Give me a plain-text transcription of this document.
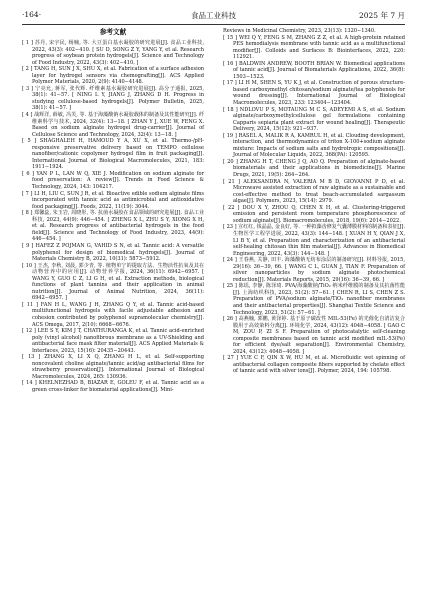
·164·	食品工业科技	2025 年 7 月
参考文献

[ 1 ] 苏丹, 宋宇民, 杨楠, 等. 大豆蛋白基水凝胶的研究进展[J]. 食品工业科技, 2022, 43(3): 402−410. [ SU D, SONG Z Y, YANG Y, et al. Research progress of soybean protein hydrogels[J]. Science and Technology of Food Industry, 2022, 43(3): 402−410. ]

[ 2 ] TANG H, SUN J X, SHU X, et al. Fabrication of a surface adhesion layer for hydrogel sensors via chemografting[J]. ACS Applied Polymer Materials, 2020, 2(9): 4140−4148.

[ 3 ] 宁亮允, 蒋军, 张代辉. 纤维素基水凝胶研究进展[J]. 高分子通报, 2025, 38(1): 41−57. [ NING L Y, JIANG J, ZHANG D H. Progress in studying cellulose-based hydrogels[J]. Polymer Bulletin, 2025, 38(1): 41−57. ]

[ 4 ] 战辉洋, 薛敏, 冯芙, 等. 基于海藻酸钠水凝胶载体的制备及其性能研究[J]. 纤维素科学与技术, 2024, 32(4): 13−18. [ ZHAN Y J, XUE W, FENG X. Based on sodium alginate hydrogel drug-carrier[J]. Journal of Cellulose Science and Technology, 2024, 32(4): 13−18. ]

[ 5 ] SHAGHALEH H, HAMOUD Y A, XU X, et al. Thermo-/pH-responsive preservative delivery based on TEMPO cellulose nanofiber/cationic copolymer hydrogel film in fruit packaging[J]. International Journal of Biological Macromolecules, 2021, 183: 1911−1924.

[ 6 ] YAN P L, LAN W Q, XIE J. Modification on sodium alginate for food preservation: A review[J]. Trends in Food Science & Technology, 2024, 143: 104217.

[ 7 ] LI H, LIU C, SUN J R, et al. Bioactive edible sodium alginate films incorporated with tannic acid as antimicrobial and antioxidative food packaging[J]. Foods, 2022, 11(19): 3044.

[ 8 ] 郑馨蕊, 朱玉岩, 周晓彤, 等. 抗菌水凝胶在食品领域的研究进展[J]. 食品工业科技, 2023, 44(9): 446−454. [ ZHENG X L, ZHU S Y, XIONG X H, et al. Research progress of antibacterial hydrogels in the food field[J]. Science and Technology of Food Industry, 2023, 44(9): 446−454. ]

[ 9 ] HAFEZ Z POJMAN G, VAHID S N, et al. Tannic acid: A versatile polyphenol for design of biomedical hydrogels[J]. Journal of Materials Chemistry B, 2022, 10(31): 5873−5912.

[ 10 ] 王杰, 李秋, 刘晨, 郭少青, 等. 植物单宁的提取方法、生物活性抗氧及其在动物营养中的应用[J]. 动物营养学报, 2024, 36(11): 6942−6957. [ WANG Y, GUO C Z, LI G H, et al. Extraction methods, biological functions of plant tannins and their application in animal nutrition[J]. Journal of Animal Nutrition, 2024, 36(11): 6942−6957. ]

[ 11 ] FAN H L, WANG J H, ZHANG Q Y, et al. Tannic acid-based multifunctional hydrogels with facile adjustable adhesion and cohesion contributed by polyphenol supramolecular chemistry[J]. ACS Omega, 2017, 2(10): 6668−6676.

[ 12 ] LEE S Y, KIM J T, CHATHURANGA K, et al. Tannic acid-enriched poly (vinyl alcohol) nanofibrous membrane as a UV-Shielding and antibacterial face mask filter material[J]. ACS Applied Materials & Interfaces, 2023, 15(16): 20435−20443.

[ 13 ] ZHANG X, LI X Q, ZHANG H L, et al. Self-supporting noncovalent choline alginate/tannic acid/ag antibacterial films for strawberry preservation[J]. International Journal of Biological Macromolecules, 2024, 265: 130936.

[ 14 ] KHELNEZHAD B, BIAZAR E, GOLEU F, et al. Tannic acid as a green cross-linker for biomaterial applications[J]. Mini-

Reviews in Medicinal Chemistry, 2023, 23(13): 1320−1340.

[ 15 ] WEI Q Y, FENG S M, ZHANG Z Z, et al. A high-protein retained PES hemodialysis membrane with tannic acid as a multifunctional modifier[J]. Colloids and Surfaces B: Biointerfaces, 2022, 220: 112921.

[ 16 ] BALDWIN ANDREW, BOOTH BRIAN W. Biomedical applications of tannic acid[J]. Journal of Biomaterials Applications, 2022, 36(8): 1503−1523.

[ 17 ] LI H M, SHEN S, YU K J, et al. Construction of porous structure-based carboxymethyl chitosan/sodium alginate/tea polyphenols for wound dressing[J]. International Journal of Biological Macromolecules, 2023, 233: 123404−123404.

[ 18 ] NDLOVU P S, MOTAUNG M C S, ADEYEMI A S, et al. Sodium alginate/carboxymethylcellulose gel formulations containing Capparis sepiaria plant extract for wound healing[J]. Therapeutic Delivery, 2024, 15(12): 921−937.

[ 19 ] RASEL A, MALIK R A, KAMRUL H, et al. Clouding development, interaction, and thermodynamics of triton X-100+sodium alginate mixture: Impacts of sodium salts and hydrotropic compositions[J]. Journal of Molecular Liquids, 2022, 368(PA): 120595.

[ 20 ] ZHANG H T, CHENG J Q, AO Q. Preparation of alginate-based biomaterials and their applications in biomedicine[J]. Marine Drugs, 2021, 19(5): 264−264.

[ 21 ] ALEKSANDRA N, VALERIA M B D, GIOVANNI P D, et al. Microwave assisted extraction of raw alginate as a sustainable and cost-effective method to treat beach-accumulated sargassum algae[J]. Polymers, 2023, 15(14): 2979.

[ 22 ] DOU X Y, ZHOU Q, CHEN X H, et al. Clustering-triggered emission and persistent room temperature phosphorescence of sodium alginate[J]. Biomacromolecules, 2018, 19(6): 2014−2022.

[ 23 ] 宣红红, 钱晶晶, 金良好, 等. 一种拟藻齿修复气囊薄膜材料的制备和表征[J]. 生物医学工程学进展, 2022, 43(3): 144−148. [ XUAN H Y, QIAN J X, LI B Y, et al. Preparation and characterization of an antibacterial self-healing chitosan thin film material[J]. Advances in Biomedical Engineering, 2022, 43(3): 144−148. ]

[ 24 ] 王春燕, 关静, 田丰. 海藻酸钠无纺布涂层的制备研究[J]. 材料导报, 2015, 29(16): 36−39, 66. [ WANG C L, GUAN J, TIAN F. Preparation of silver nanoparticles by sodium alginate photochemical reduction[J]. Materials Reports, 2015, 29(16): 36−39, 66. ]

[ 25 ] 陈瑶, 李静, 陈泽琦. PVA/海藻酸钠/TiO₂ 纳米纤维膜的制备及其抗菌性能[J]. 上海纺织科技, 2023, 51(2): 57−61. [ CHEN R, LI S, CHEN Z S. Preparation of PVA/sodium alginate/TiO₂ nanofiber membranes and their antibacterial properties[J]. Shanghai Textile Science and Technology, 2023, 51(2): 57−61. ]

[ 26 ] 高燕楠, 郭鹏, 黄泽婷. 基于原子碳改性 MIL-53(Fe) 的光催化自清洁复合膜用于高效染料分离[J]. 环境化学, 2024, 43(12): 4048−4058. [ GAO C M, ZOU P, ZI S F. Preparation of photocatalytic self-cleaning composite membranes based on tannic acid modified mIL-53(Fe) for efficient dye/salt separation[J]. Environmental Chemistry, 2024, 43(12): 4048−4058. ]

[ 27 ] YUE C F, QIN X W, HU M, et al. Microfluidic wet spinning of antibacterial collagen composite fibers supported by chelate effect of tannic acid with silver ions[J]. Polymer, 2024, 194: 105798.
